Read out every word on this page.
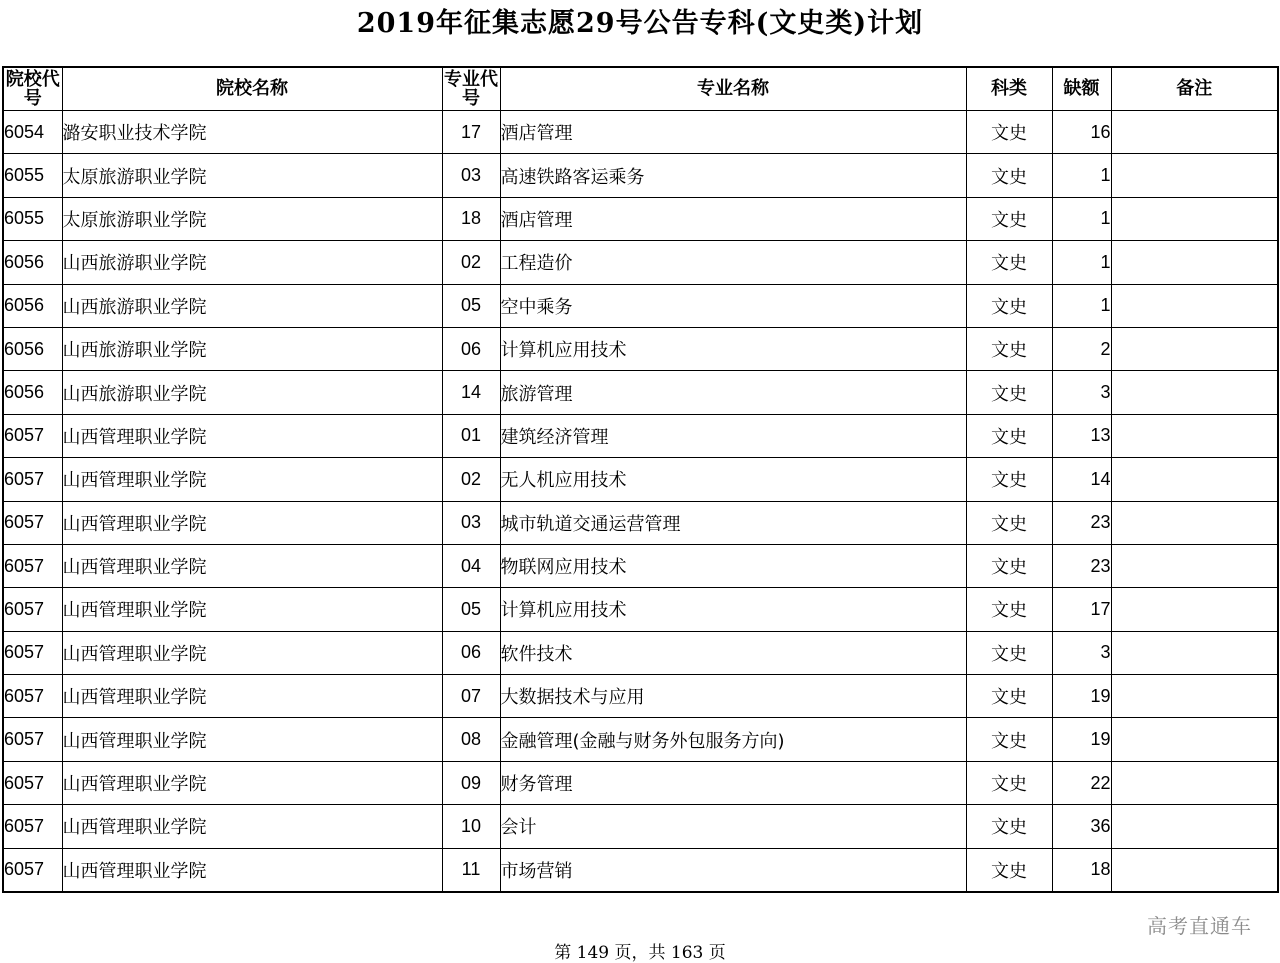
2019年征集志愿29号公告专科(文史类)计划
院校代号	院校名称	专业代号	专业名称	科类	缺额	备注
6054	潞安职业技术学院	17	酒店管理	文史	16	
6055	太原旅游职业学院	03	高速铁路客运乘务	文史	1	
6055	太原旅游职业学院	18	酒店管理	文史	1	
6056	山西旅游职业学院	02	工程造价	文史	1	
6056	山西旅游职业学院	05	空中乘务	文史	1	
6056	山西旅游职业学院	06	计算机应用技术	文史	2	
6056	山西旅游职业学院	14	旅游管理	文史	3	
6057	山西管理职业学院	01	建筑经济管理	文史	13	
6057	山西管理职业学院	02	无人机应用技术	文史	14	
6057	山西管理职业学院	03	城市轨道交通运营管理	文史	23	
6057	山西管理职业学院	04	物联网应用技术	文史	23	
6057	山西管理职业学院	05	计算机应用技术	文史	17	
6057	山西管理职业学院	06	软件技术	文史	3	
6057	山西管理职业学院	07	大数据技术与应用	文史	19	
6057	山西管理职业学院	08	金融管理(金融与财务外包服务方向)	文史	19	
6057	山西管理职业学院	09	财务管理	文史	22	
6057	山西管理职业学院	10	会计	文史	36	
6057	山西管理职业学院	11	市场营销	文史	18	
高考直通车
第 149 页，共 163 页
